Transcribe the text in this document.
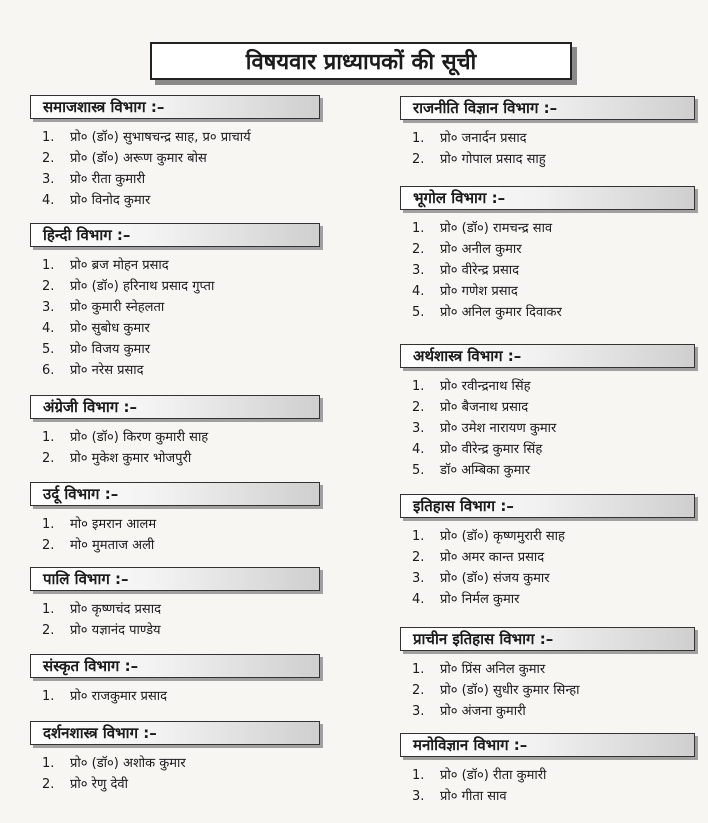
विषयवार प्राध्यापकों की सूची
समाजशास्त्र विभाग :–
1.	प्रो० (डॉ०) सुभाषचन्द्र साह, प्र० प्राचार्य
2.	प्रो० (डॉ०) अरूण कुमार बोस
3.	प्रो० रीता कुमारी
4.	प्रो० विनोद कुमार
हिन्दी विभाग :–
1.	प्रो० ब्रज मोहन प्रसाद
2.	प्रो० (डॉ०) हरिनाथ प्रसाद गुप्ता
3.	प्रो० कुमारी स्नेहलता
4.	प्रो० सुबोध कुमार
5.	प्रो० विजय कुमार
6.	प्रो० नरेस प्रसाद
अंग्रेजी विभाग :–
1.	प्रो० (डॉ०) किरण कुमारी साह
2.	प्रो० मुकेश कुमार भोजपुरी
उर्दू विभाग :–
1.	मो० इमरान आलम
2.	मो० मुमताज अली
पालि विभाग :–
1.	प्रो० कृष्णचंद प्रसाद
2.	प्रो० यज्ञानंद पाण्डेय
संस्कृत विभाग :–
1.	प्रो० राजकुमार प्रसाद
दर्शनशास्त्र विभाग :–
1.	प्रो० (डॉ०) अशोक कुमार
2.	प्रो० रेणु देवी
राजनीति विज्ञान विभाग :–
1.	प्रो० जनार्दन प्रसाद
2.	प्रो० गोपाल प्रसाद साहु
भूगोल विभाग :–
1.	प्रो० (डॉ०) रामचन्द्र साव
2.	प्रो० अनील कुमार
3.	प्रो० वीरेन्द्र प्रसाद
4.	प्रो० गणेश प्रसाद
5.	प्रो० अनिल कुमार दिवाकर
अर्थशास्त्र विभाग :–
1.	प्रो० रवीन्द्रनाथ सिंह
2.	प्रो० बैजनाथ प्रसाद
3.	प्रो० उमेश नारायण कुमार
4.	प्रो० वीरेन्द्र कुमार सिंह
5.	डॉ० अम्बिका कुमार
इतिहास विभाग :–
1.	प्रो० (डॉ०) कृष्णमुरारी साह
2.	प्रो० अमर कान्त प्रसाद
3.	प्रो० (डॉ०) संजय कुमार
4.	प्रो० निर्मल कुमार
प्राचीन इतिहास विभाग :–
1.	प्रो० प्रिंस अनिल कुमार
2.	प्रो० (डॉ०) सुधीर कुमार सिन्हा
3.	प्रो० अंजना कुमारी
मनोविज्ञान विभाग :–
1.	प्रो० (डॉ०) रीता कुमारी
3.	प्रो० गीता साव
